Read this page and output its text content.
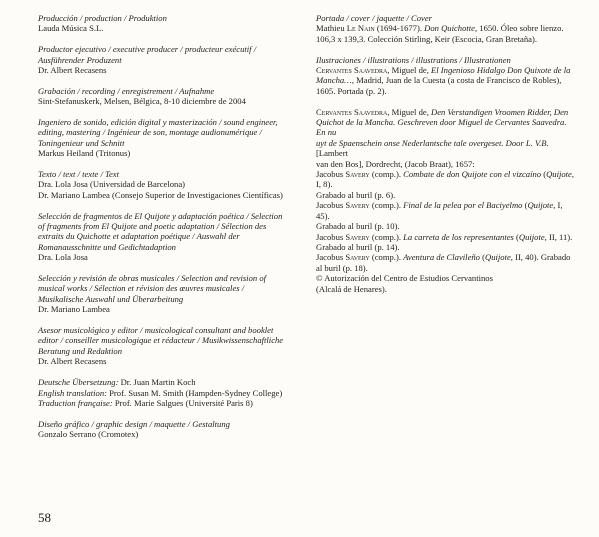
Producción / production / Produktion
Lauda Música S.L.
Productor ejecutivo / executive producer / producteur exécutif / Ausführender Produzent
Dr. Albert Recasens
Grabación / recording / enregistrement / Aufnahme
Sint-Stefanuskerk, Melsen, Bélgica, 8-10 diciembre de 2004
Ingeniero de sonido, edición digital y masterización / sound engineer, editing, mastering / Ingénieur de son, montage audionumérique / Toningenieur und Schnitt
Markus Heiland (Tritonus)
Texto / text / texte / Text
Dra. Lola Josa (Universidad de Barcelona)
Dr. Mariano Lambea (Consejo Superior de Investigaciones Científicas)
Selección de fragmentos de El Quijote y adaptación poética / Selection of fragments from El Quijote and poetic adaptation / Sélection des extraits du Quichotte et adaptation poétique / Auswahl der Romanausschnitte und Gedichtadaption
Dra. Lola Josa
Selección y revisión de obras musicales / Selection and revision of musical works / Sélection et révision des œuvres musicales / Musikalische Auswahl und Überarbeitung
Dr. Mariano Lambea
Asesor musicológico y editor / musicological consultant and booklet editor / conseiller musicologique et rédacteur / Musikwissenschaftliche Beratung und Redaktion
Dr. Albert Recasens
Deutsche Übersetzung: Dr. Juan Martin Koch
English translation: Prof. Susan M. Smith (Hampden-Sydney College)
Traduction française: Prof. Marie Salgues (Université Paris 8)
Diseño gráfico / graphic design / maquette / Gestaltung
Gonzalo Serrano (Cromotex)
Portada / cover / jaquette / Cover
Mathieu Le Nain (1694-1677). Don Quichotte, 1650. Óleo sobre lienzo.
106,3 x 139,3. Colección Stirling, Keir (Escocia, Gran Bretaña).
Ilustraciones / illustrations / illustrations / Illustrationen
Cervantes Saavedra, Miguel de, El Ingenioso Hidalgo Don Quixote de la
Mancha…, Madrid, Juan de la Cuesta (a costa de Francisco de Robles),
1605. Portada (p. 2).
Cervantes Saavedra, Miguel de, Den Verstandigen Vroomen Ridder, Den
Quichot de la Mancha. Geschreven door Miguel de Cervantes Saavedra. En nu
uyt de Spaenschein onse Nederlantsche tale overgeset. Door L. V.B. [Lambert
van den Bos], Dordrecht, (Jacob Braat), 1657:
Jacobus Savery (comp.). Combate de don Quijote con el vizcaíno (Quijote, I, 8).
Grabado al buril (p. 6).
Jacobus Savery (comp.). Final de la pelea por el Baciyelmo (Quijote, I, 45).
Grabado al buril (p. 10).
Jacobus Savery (comp.). La carreta de los representantes (Quijote, II, 11).
Grabado al buril (p. 14).
Jacobus Savery (comp.). Aventura de Clavileño (Quijote, II, 40). Grabado
al buril (p. 18).
© Autorización del Centro de Estudios Cervantinos
(Alcalá de Henares).
58
